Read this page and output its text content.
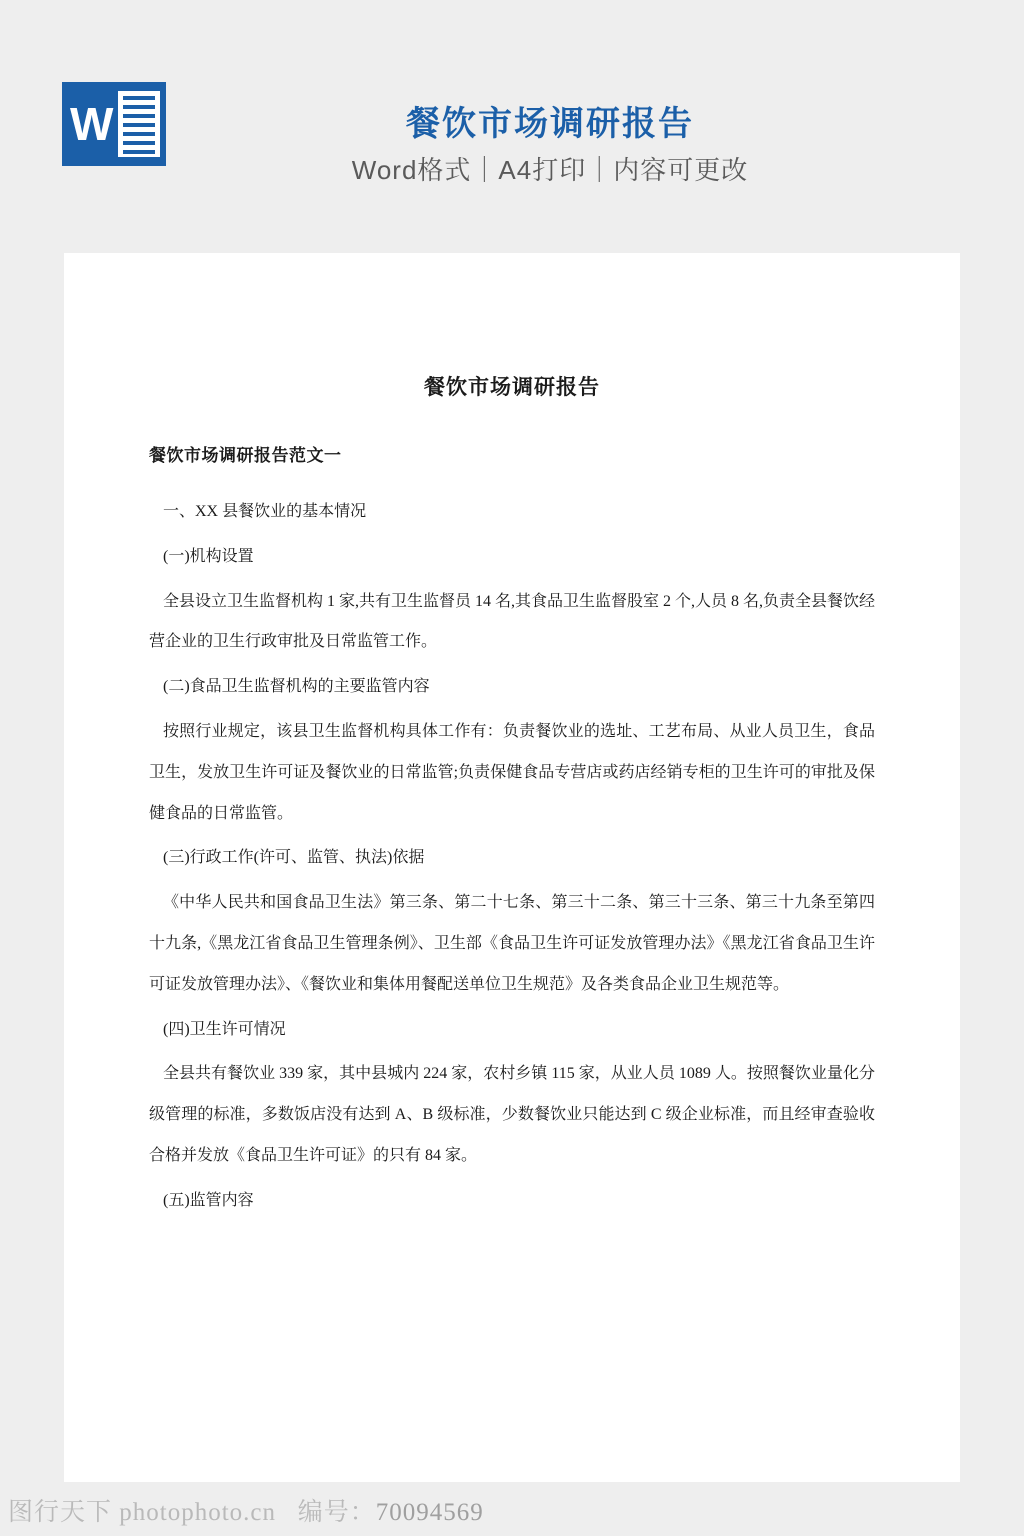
W	餐饮市场调研报告
Word格式｜A4打印｜内容可更改
餐饮市场调研报告
餐饮市场调研报告范文一

一、XX 县餐饮业的基本情况

(一)机构设置

全县设立卫生监督机构 1 家,共有卫生监督员 14 名,其食品卫生监督股室 2 个,人员 8 名,负责全县餐饮经营企业的卫生行政审批及日常监管工作。

(二)食品卫生监督机构的主要监管内容

按照行业规定，该县卫生监督机构具体工作有：负责餐饮业的选址、工艺布局、从业人员卫生，食品卫生，发放卫生许可证及餐饮业的日常监管;负责保健食品专营店或药店经销专柜的卫生许可的审批及保健食品的日常监管。

(三)行政工作(许可、监管、执法)依据

《中华人民共和国食品卫生法》第三条、第二十七条、第三十二条、第三十三条、第三十九条至第四十九条,《黑龙江省食品卫生管理条例》、卫生部《食品卫生许可证发放管理办法》《黑龙江省食品卫生许可证发放管理办法》、《餐饮业和集体用餐配送单位卫生规范》及各类食品企业卫生规范等。

(四)卫生许可情况

全县共有餐饮业 339 家，其中县城内 224 家，农村乡镇 115 家，从业人员 1089 人。按照餐饮业量化分级管理的标准，多数饭店没有达到 A、B 级标准，少数餐饮业只能达到 C 级企业标准，而且经审查验收合格并发放《食品卫生许可证》的只有 84 家。

(五)监管内容

图行天下 photophoto.cn 编号：70094569
